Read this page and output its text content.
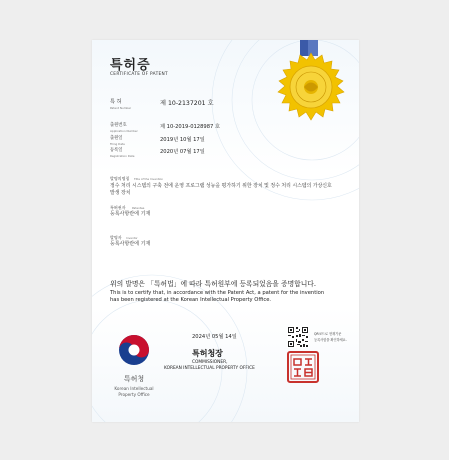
특허증
CERTIFICATE OF PATENT
특 허
Patent Number
제 10-2137201 호
출원번호
Application Number
제 10-2019-0128987 호
출원일
Filing Date
2019년 10월 17일
등록일
Registration Date
2020년 07월 17일
발명의명칭 Title of the Invention
정수 처리 시스템의 구축 전에 운영 프로그램 성능을 평가하기 위한 장치 및 정수 처리 시스템의 가상신호
발생 장치
특허권자 Patentee
등록사항란에 기재
발명자 Inventor
등록사항란에 기재
위의 발명은 「특허법」에 따라 특허원부에 등록되었음을 증명합니다.
This is to certify that, in accordance with the Patent Act, a patent for the invention
has been registered at the Korean Intellectual Property Office.
특허청
Korean Intellectual
Property Office
2024년 05월 14일
특허청장
COMMISSIONER,
KOREAN INTELLECTUAL PROPERTY OFFICE
QR코드로 현재기준
등록사항을 확인하세요.
